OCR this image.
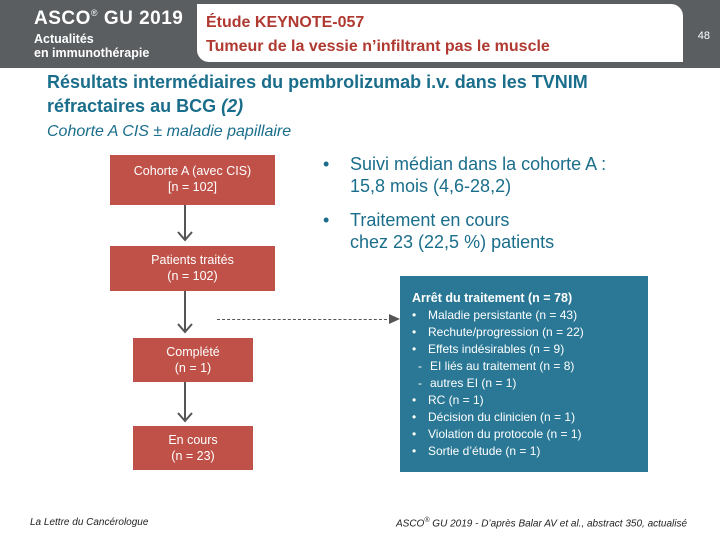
ASCO® GU 2019
Actualités
en immunothérapie
Étude KEYNOTE-057
Tumeur de la vessie n’infiltrant pas le muscle
48
Résultats intermédiaires du pembrolizumab i.v. dans les TVNIM
réfractaires au BCG (2)
Cohorte A CIS ± maladie papillaire
Cohorte A (avec CIS)
[n = 102]
Patients traités
(n = 102)
Complété
(n = 1)
En cours
(n = 23)
• Suivi médian dans la cohorte A :
15,8 mois (4,6-28,2)
• Traitement en cours
chez 23 (22,5 %) patients
Arrêt du traitement (n = 78)
• Maladie persistante (n = 43)
• Rechute/progression (n = 22)
• Effets indésirables (n = 9)
- EI liés au traitement (n = 8)
- autres EI (n = 1)
• RC (n = 1)
• Décision du clinicien (n = 1)
• Violation du protocole (n = 1)
• Sortie d’étude (n = 1)
La Lettre du Cancérologue	ASCO® GU 2019 - D’après Balar AV et al., abstract 350, actualisé
